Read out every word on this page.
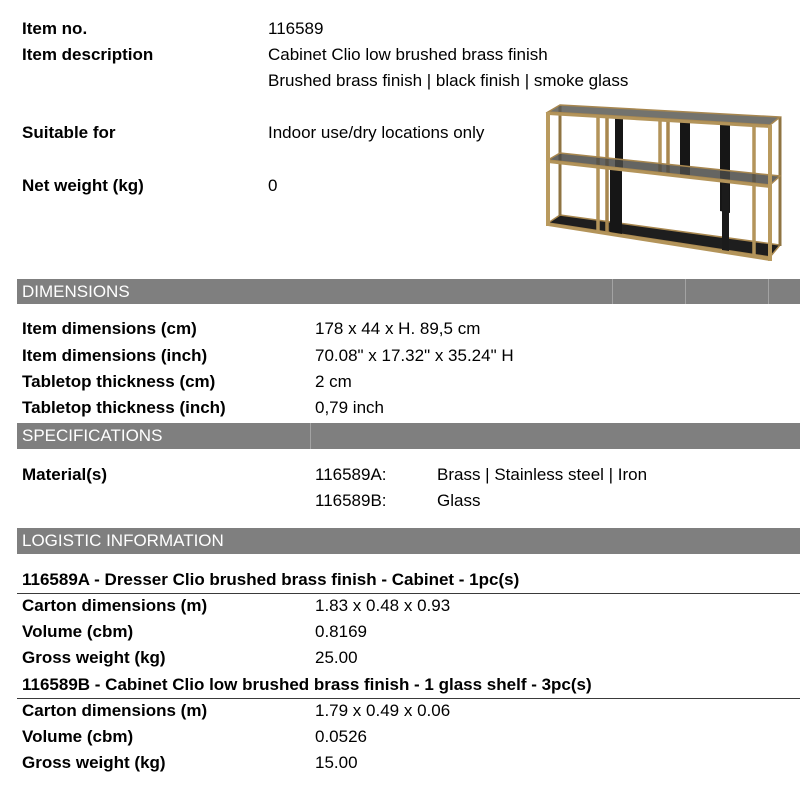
Item no.	116589
Item description	Cabinet Clio low brushed brass finish
Brushed brass finish | black finish | smoke glass
Suitable for	Indoor use/dry locations only
Net weight (kg)	0
DIMENSIONS
Item dimensions (cm)	178 x 44 x H. 89,5 cm
Item dimensions (inch)	70.08" x 17.32" x 35.24" H
Tabletop thickness (cm)	2 cm
Tabletop thickness (inch)	0,79 inch
SPECIFICATIONS
Material(s)	116589A:	Brass | Stainless steel | Iron
116589B:	Glass
LOGISTIC INFORMATION
116589A - Dresser Clio brushed brass finish - Cabinet - 1pc(s)
Carton dimensions (m)	1.83 x 0.48 x 0.93
Volume (cbm)	0.8169
Gross weight (kg)	25.00
116589B - Cabinet Clio low brushed brass finish - 1 glass shelf - 3pc(s)
Carton dimensions (m)	1.79 x 0.49 x 0.06
Volume (cbm)	0.0526
Gross weight (kg)	15.00
